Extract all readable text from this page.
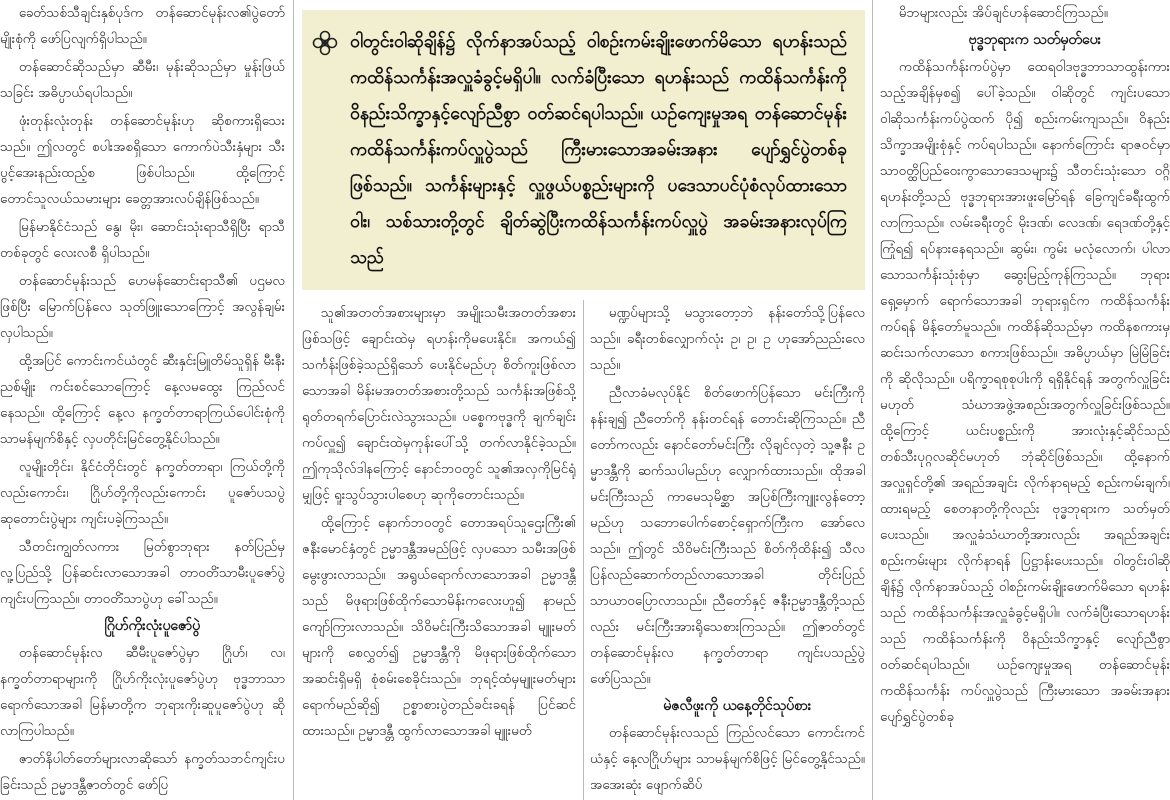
ခေတ်သစ်သီချင်းနှစ်ပုဒ်က တန်ဆောင်မုန်းလ၏ပွဲတော်မျိုးစုံကို ဖော်ပြလျက်ရှိပါသည်။

တန်ဆောင်ဆိုသည်မှာ ဆီမီး၊ မုန်းဆိုသည်မှာ မှုန်းဖြယ်သခြင်း အဓိပ္ပာယ်ရပါသည်။

ဖုံးတုန်းလုံးတုန်း တန်ဆောင်မုန်းဟု ဆိုစကားရှိသေးသည်။ ဤလတွင် စပါးအစရှိသော ကောက်ပဲသီးနှံများ သီးပွင့်အေးနည်းထည့်စ ဖြစ်ပါသည်။ ထို့ကြောင့် တောင်သူလယ်သမားများ ခေတ္တအားလပ်ချိန်ဖြစ်သည်။

မြန်မာနိုင်ငံသည် နွေ၊ မိုး၊ ဆောင်းသုံးရာသီရှိပြီး ရာသီတစ်ခုတွင် လေးလစီ ရှိပါသည်။

တန်ဆောင်မုန်းသည် ဟေမန်ဆောင်းရာသီ၏ ပဌမလဖြစ်ပြီး မြောက်ပြန်လေ သုတ်ဖြူးသောကြောင့် အလွန်ချမ်းလှပါသည်။

ထို့အပြင် ကောင်းကင်ယံတွင် ဆီးနှင်းမြူတိမ်သူရှိန် မီးနီးညစ်မျိုး ကင်းစင်သောကြောင့် နေ့လမထွေး ကြည်လင်နေသည်။ ထို့ကြောင့် နေ့လ နက္ခတ်တာရာကြယ်ပေါင်းစုံကို သာမန်မျက်စိနှင့် လှပတိုင်းမြင်တွေ့နိုင်ပါသည်။

လူမျိုးတိုင်း၊ နိုင်ငံတိုင်းတွင် နက္ခတ်တာရာ၊ ကြယ်တို့ကိုလည်းကောင်း၊ ဂြိုဟ်တို့ကိုလည်းကောင်း ပူဇော်ပသပွဲ ဆုတောင်းပွဲများ ကျင်းပခဲ့ကြသည်။

သီတင်းကျွတ်လကား မြတ်စွာဘုရား နတ်ပြည်မှ လူ့ပြည်သို့ ပြန်ဆင်းလာသောအခါ တာဝတိံသာမီးပူဇော်ပွဲ ကျင်းပကြသည်။ တာဝတိံသာပွဲဟု ခေါ်သည်။

ဂြိုဟ်ကိုးလုံးပူဇော်ပွဲ

တန်ဆောင်မုန်းလ ဆီမီးပူဇော်ပွဲမှာ ဂြိုဟ်၊ လ၊ နက္ခတ်တာရာများကို ဂြိုဟ်ကိုးလုံးပူဇော်ပွဲဟု ဗုဒ္ဓဘာသာရောက်သောအခါ မြန်မာတို့က ဘုရားကိုးဆူပူဇော်ပွဲဟု ဆိုလာကြပါသည်။

ဇာတ်နိပါတ်တော်များလာဆိုသော် နက္ခတ်သဘင်ကျင်းပခြင်းသည် ဥမ္မာဒန္တီဇာတ်တွင် ဖော်ပြ

ဝါတွင်းဝါဆိုချိန်၌ လိုက်နာအပ်သည့် ဝါစဉ်းကမ်းချိုးဖောက်မိသော ရဟန်းသည် ကထိန်သင်္ကန်းအလှူခံခွင့်မရှိပါ။ လက်ခံပြီးသော ရဟန်းသည် ကထိန်သင်္ကန်းကို ဝိနည်းသိက္ခာနှင့်လျော်ညီစွာ ဝတ်ဆင်ရပါသည်။ ယဉ်ကျေးမှုအရ တန်ဆောင်မုန်း ကထိန်သင်္ကန်းကပ်လှူပွဲသည် ကြီးမားသောအခမ်းအနား ပျော်ရွှင်ပွဲတစ်ခုဖြစ်သည်။ သင်္ကန်းများနှင့် လှူဖွယ်ပစ္စည်းများကို ပဒေသာပင်ပုံစံလုပ်ထားသော ဝါး၊ သစ်သားတို့တွင် ချိတ်ဆွဲပြီးကထိန်သင်္ကန်းကပ်လှူပွဲ အခမ်းအနားလုပ်ကြသည်

သူ၏အတတ်အစားများမှာ အမျိုးသမီးအတတ်အစားဖြစ်သဖြင့် ချောင်းထဲမှ ရဟန်းကိုမပေးနိုင်။ အကယ်၍ သင်္ကန်းဖြစ်ခဲ့သည်ရှိသော် ပေးနိုင်မည်ဟု စိတ်ကူးဖြစ်လာသောအခါ မိန်းမအတတ်အစားတို့သည် သင်္ကန်းအဖြစ်သို့ ရုတ်တရက်ပြောင်းလဲသွားသည်။ ပစ္စေကဗုဒ္ဓကို ချက်ချင်းကပ်လှူ၍ ချောင်းထဲမှကုန်းပေါ်သို့ တက်လာနိုင်ခဲ့သည်။ ဤကုသိုလ်ဒါနကြောင့် နောင်ဘဝတွင် သူ၏အလှကိုမြင်ရုံမျှဖြင့် ရူးသွပ်သွားပါစေဟု ဆုကိုတောင်းသည်။

ထို့ကြောင့် နောက်ဘဝတွင် တောအရပ်သူဌေးကြီး၏ ဇနီးမောင်နှံတွင် ဥမ္မာဒန္တီအမည်ဖြင့် လှပသော သမီးအဖြစ်မွေးဖွားလာသည်။ အရွယ်ရောက်လာသောအခါ ဥမ္မာဒန္တီသည် မိဖုရားဖြစ်ထိုက်သောမိန်းကလေးဟူ၍ နာမည်ကျော်ကြားလာသည်။ သိဝိမင်းကြီးသိသောအခါ မျူးမတ်များကို စေလွှတ်၍ ဥမ္မာဒန္တီကို မိဖုရားဖြစ်ထိုက်သောအဆင်းရှိမရှိ စုံစမ်းစေခိုင်းသည်။ ဘုရင့်ထံမှမျူးမတ်များရောက်မည်ဆို၍ ဥစ္စာစားပွဲတည်ခင်းခရန် ပြင်ဆင်ထားသည်။ ဥမ္မာဒန္တီ ထွက်လာသောအခါ မျူးမတ်

မဏ္ဍပ်များသို့ မသွားတော့ဘဲ နန်းတော်သို့ပြန်လေသည်။ ခရီးတစ်လျှောက်လုံး ဥ၊ ဥ၊ ဥ ဟုအော်ညည်းလေသည်။

ညီလာခံမလုပ်နိုင် စိတ်ဖောက်ပြန်သော မင်းကြီးကိုနန်းချ၍ ညီတော်ကို နန်းတင်ရန် တောင်းဆိုကြသည်။ ညီတော်ကလည်း နောင်တော်မင်းကြီး လိုချင်လှတဲ့ သူ့ဇနီး ဥမ္မာဒန္တီကို ဆက်သပါမည်ဟု လျှောက်ထားသည်။ ထိုအခါ မင်းကြီးသည် ကာမေသုမိစ္ဆာ အပြစ်ကြီးကျူးလွန်တော့မည်ဟု သဘောပေါက်စောင့်ရှောက်ကြီးက အော်လေသည်။ ဤတွင် သိဝိမင်းကြီးသည် စိတ်ကိုထိန်း၍ သီလပြန်လည်ဆောက်တည်လာသောအခါ တိုင်းပြည်သာယာဝပြောလာသည်။ ညီတော်နှင့် ဇနီးဥမ္မာဒန္တီတို့သည်လည်း မင်းကြီးအားရိုသေစားကြသည်။ ဤဇာတ်တွင် တန်ဆောင်မုန်းလ နက္ခတ်တာရာ ကျင်းပသည့်ပွဲ ဖော်ပြသည်။

မဲဇလီဖူးကို ယနေ့တိုင်သုပ်စား

တန်ဆောင်မုန်းလသည် ကြည်လင်သော ကောင်းကင်ယံနှင့် နေ့လဂြိုဟ်များ သာမန်မျက်စိဖြင့် မြင်တွေ့နိုင်သည်။ အအေးဆုံး ဖျောက်ဆိပ်

မိဘများလည်း အိပ်ချင်ဟန်ဆောင်ကြသည်။

ဗုဒ္ဓဘုရားက သတ်မှတ်ပေး

ကထိန်သင်္ကန်းကပ်ပွဲမှာ ထေရဝါဒဗုဒ္ဓဘာသာထွန်းကားသည့်အချိန်မှစ၍ ပေါ်ခဲ့သည်။ ဝါဆိုတွင် ကျင်းပသော ဝါဆိုသင်္ကန်းကပ်ပွဲထက် ပို၍ စည်းကမ်းကျသည်။ ဝိနည်းသိက္ခာအမျိုးစုံနှင့် ကပ်ရပါသည်။ နောက်ကြောင်း ရာဇဝင်မှာ သာဝတ္ထိပြည်ဝေးကွာသောဒေသများ၌ သီတင်းသုံးသော ဝဂ္ဂိရဟန်းတို့သည် ဗုဒ္ဓဘုရားအားဖူးမြော်ရန် ခြေကျင်ခရီးထွက်လာကြသည်။ လမ်းခရီးတွင် မိုးဒဏ်၊ လေဒဏ်၊ ရေဒဏ်တို့နှင့် ကြုံရ၍ ရပ်နားနေရသည်။ ဆွမ်း၊ ကွမ်း မလုံလောက်၊ ပါလာသောသင်္ကန်းသုံးစုံမှာ ဆွေးမြည့်ကုန်ကြသည်။ ဘုရားရှေ့မှောက် ရောက်သောအခါ ဘုရားရှင်က ကထိန်သင်္ကန်းကပ်ရန် မိန့်တော်မူသည်။ ကထိန်ဆိုသည်မှာ ကထိနစကားမှ ဆင်းသက်လာသော စကားဖြစ်သည်။ အဓိပ္ပာယ်မှာ မြဲမြံခြင်းကို ဆိုလိုသည်။ ပရိက္ခာရစုစုပါးကို ရရှိနိုင်ရန် အတွက်လှူခြင်းမဟုတ် သံဃာအဖွဲ့အစည်းအတွက်လှူခြင်းဖြစ်သည်။ ထို့ကြောင့် ယင်းပစ္စည်းကို အားလုံးနှင့်ဆိုင်သည် တစ်သီးပုဂ္ဂလဆိုင်မဟုတ် ဘုံဆိုင်ဖြစ်သည်။ ထို့နောက် အလှူရှင်တို့၏ အရည်အချင်း လိုက်နာရမည့် စည်းကမ်းချက်၊ ထားရမည့် စေတနာတို့ကိုလည်း ဗုဒ္ဓဘုရားက သတ်မှတ်ပေးသည်။ အလှူခံသံဃာတို့အားလည်း အရည်အချင်း စည်းကမ်းများ လိုက်နာရန် ပြဋ္ဌာန်းပေးသည်။ ဝါတွင်းဝါဆိုချိန်၌ လိုက်နာအပ်သည့် ဝါစဉ်းကမ်းချိုးဖောက်မိသော ရဟန်းသည် ကထိန်သင်္ကန်းအလှူခံခွင့်မရှိပါ။ လက်ခံပြီးသောရဟန်းသည် ကထိန်သင်္ကန်းကို ဝိနည်းသိက္ခာနှင့် လျော်ညီစွာ ဝတ်ဆင်ရပါသည်။ ယဉ်ကျေးမှုအရ တန်ဆောင်မုန်း ကထိန်သင်္ကန်း ကပ်လှူပွဲသည် ကြီးမားသော အခမ်းအနား ပျော်ရွှင်ပွဲတစ်ခု
